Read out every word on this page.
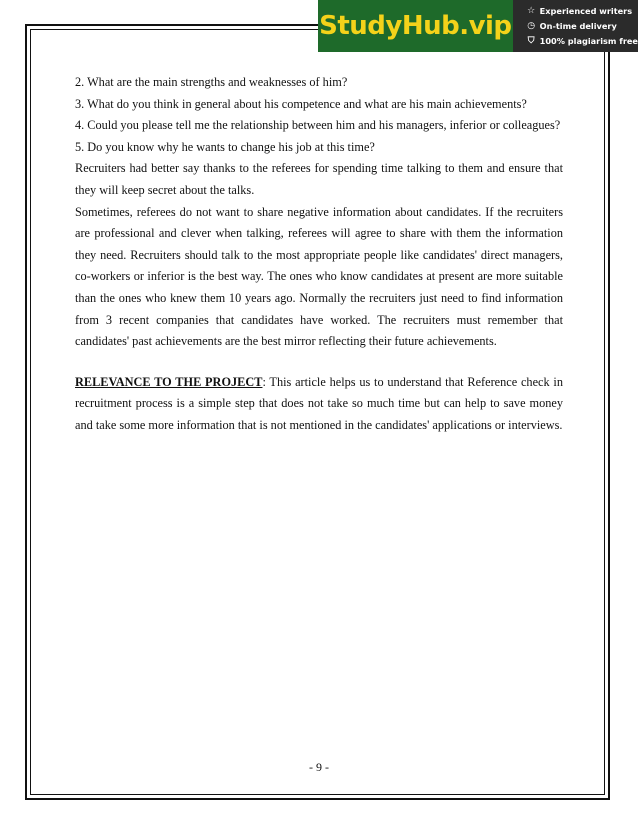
StudyHub.vip ☆ Experienced writers
◷ On-time delivery
⛉ 100% plagiarism free

2. What are the main strengths and weaknesses of him?

3. What do you think in general about his competence and what are his main achievements?

4. Could you please tell me the relationship between him and his managers, inferior or colleagues?

5. Do you know why he wants to change his job at this time?

Recruiters had better say thanks to the referees for spending time talking to them and ensure that they will keep secret about the talks.

Sometimes, referees do not want to share negative information about candidates. If the recruiters are professional and clever when talking, referees will agree to share with them the information they need. Recruiters should talk to the most appropriate people like candidates' direct managers, co-workers or inferior is the best way. The ones who know candidates at present are more suitable than the ones who knew them 10 years ago. Normally the recruiters just need to find information from 3 recent companies that candidates have worked. The recruiters must remember that candidates' past achievements are the best mirror reflecting their future achievements.

RELEVANCE TO THE PROJECT: This article helps us to understand that Reference check in recruitment process is a simple step that does not take so much time but can help to save money and take some more information that is not mentioned in the candidates' applications or interviews.

- 9 -
